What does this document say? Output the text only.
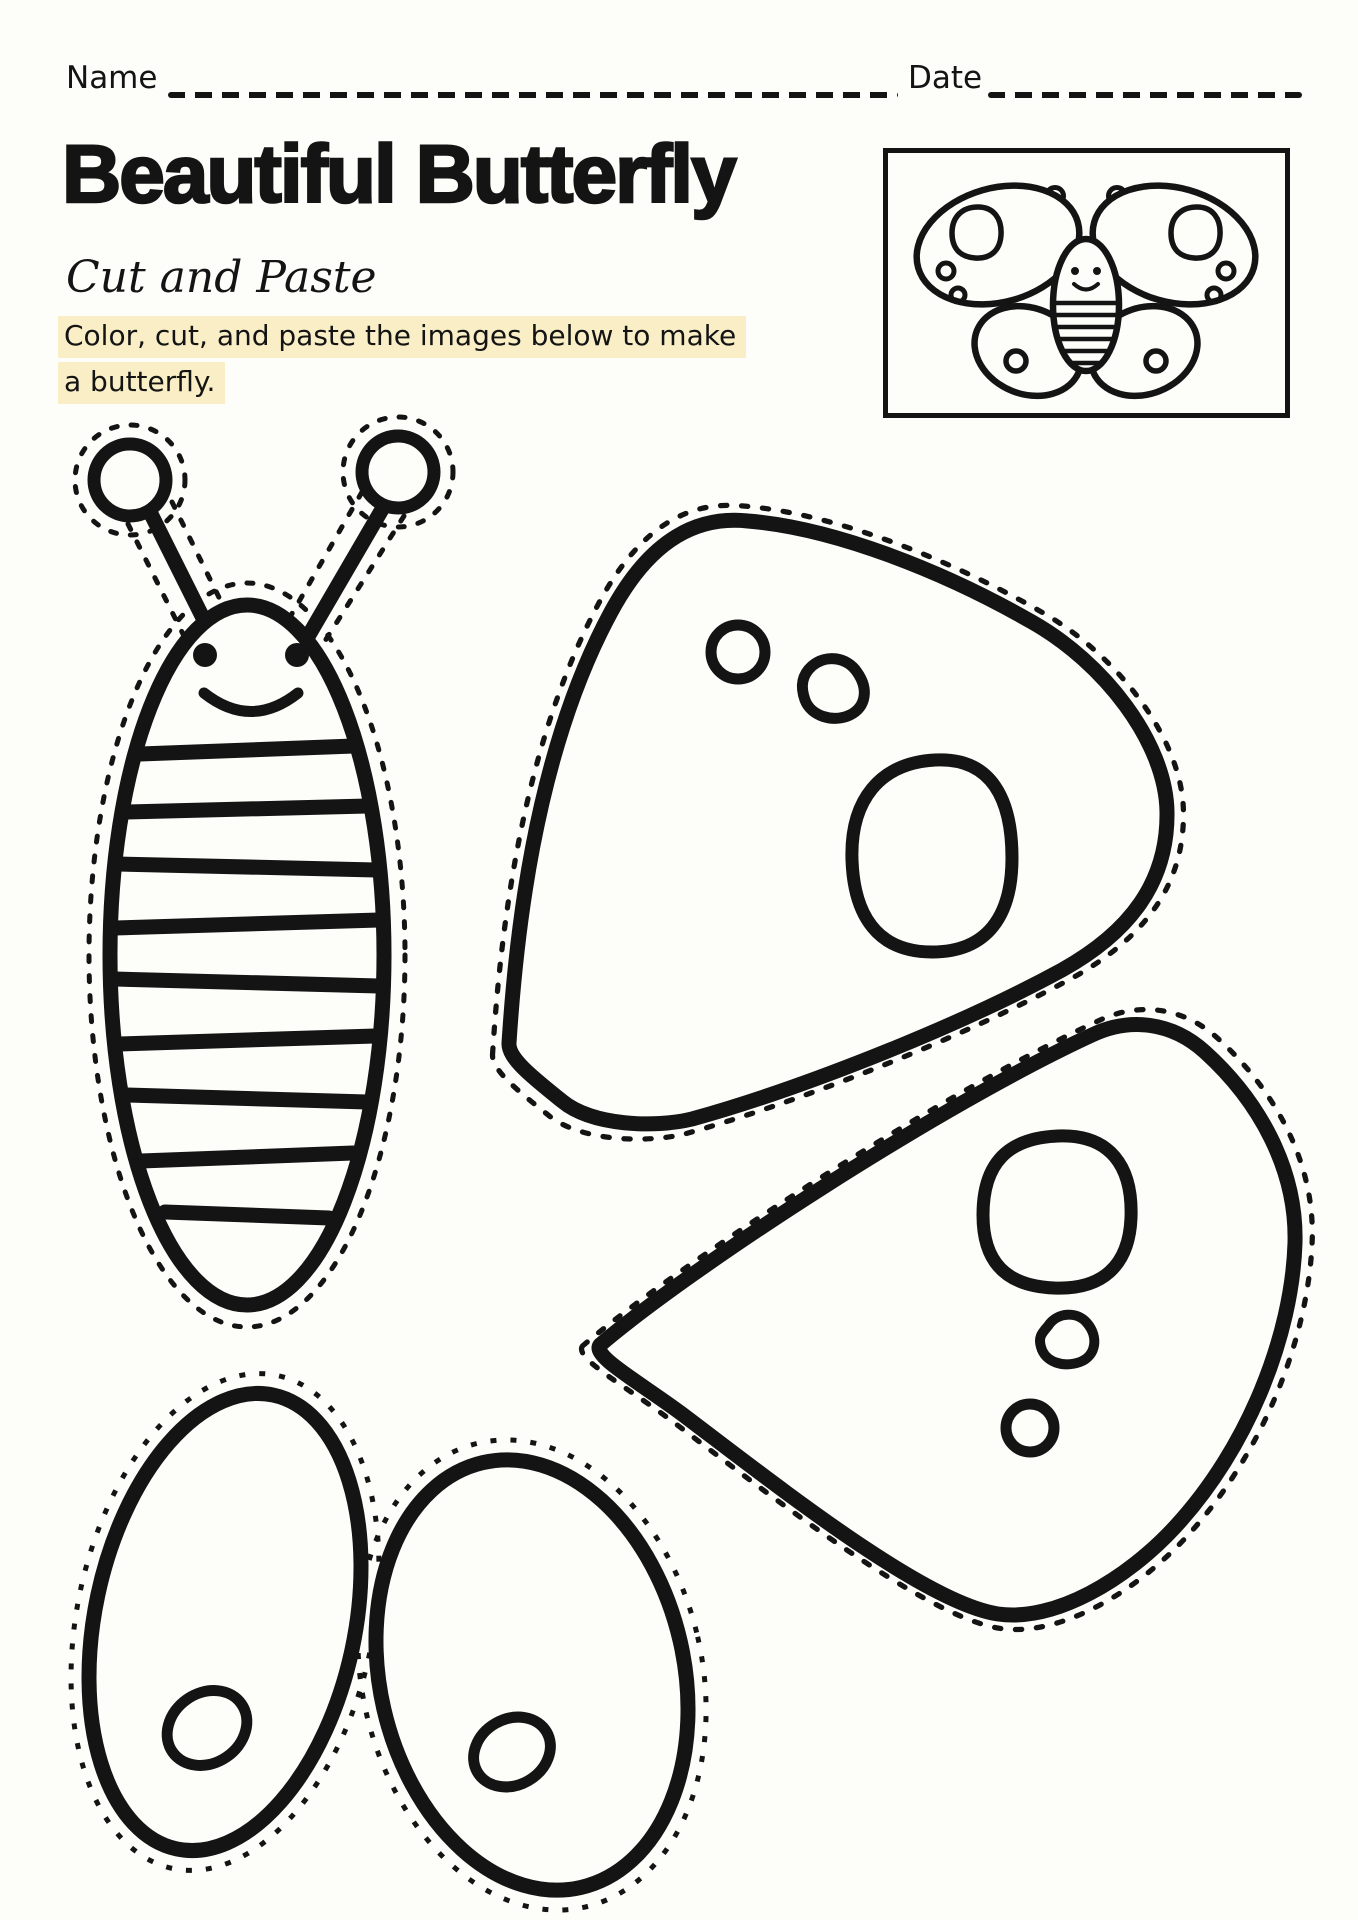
Name	Date
Beautiful Butterfly
Cut and Paste
Color, cut, and paste the images below to make
a butterfly.
